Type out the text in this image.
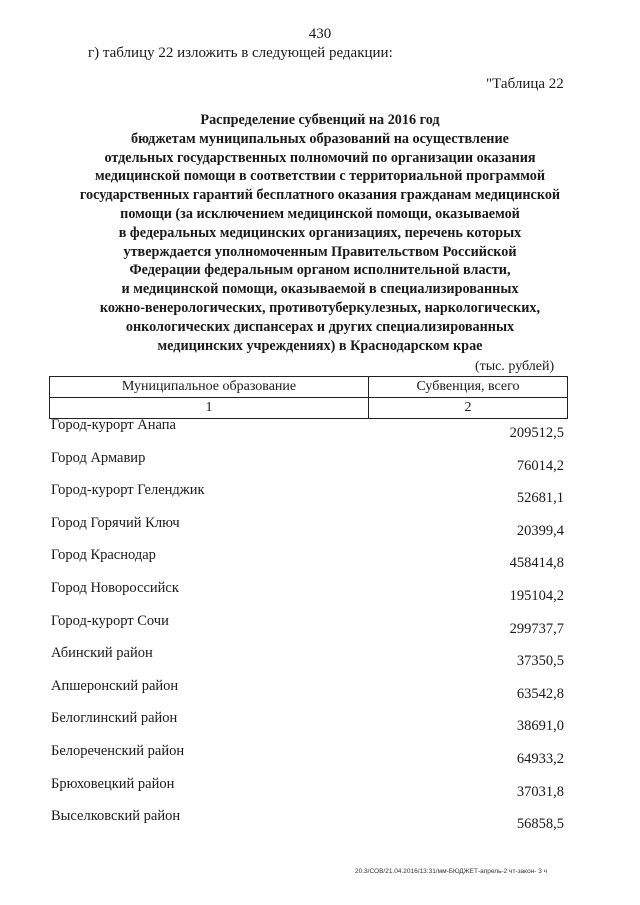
430
г) таблицу 22 изложить в следующей редакции:
"Таблица 22

Распределение субвенций на 2016 год
бюджетам муниципальных образований на осуществление
отдельных государственных полномочий по организации оказания
медицинской помощи в соответствии с территориальной программой
государственных гарантий бесплатного оказания гражданам медицинской
помощи (за исключением медицинской помощи, оказываемой
в федеральных медицинских организациях, перечень которых
утверждается уполномоченным Правительством Российской
Федерации федеральным органом исполнительной власти,
и медицинской помощи, оказываемой в специализированных
кожно-венерологических, противотуберкулезных, наркологических,
онкологических диспансерах и других специализированных
медицинских учреждениях) в Краснодарском крае

(тыс. рублей)
Муниципальное образование	Субвенция, всего
1	2
Город-курорт Анапа	209512,5
Город Армавир	76014,2
Город-курорт Геленджик	52681,1
Город Горячий Ключ	20399,4
Город Краснодар	458414,8
Город Новороссийск	195104,2
Город-курорт Сочи	299737,7
Абинский район	37350,5
Апшеронский район	63542,8
Белоглинский район	38691,0
Белореченский район	64933,2
Брюховецкий район	37031,8
Выселковский район	56858,5
20.3/СОВ/21.04.2016/13:31/мм-БЮДЖЕТ-апрель-2 чт-закон- 3 ч
